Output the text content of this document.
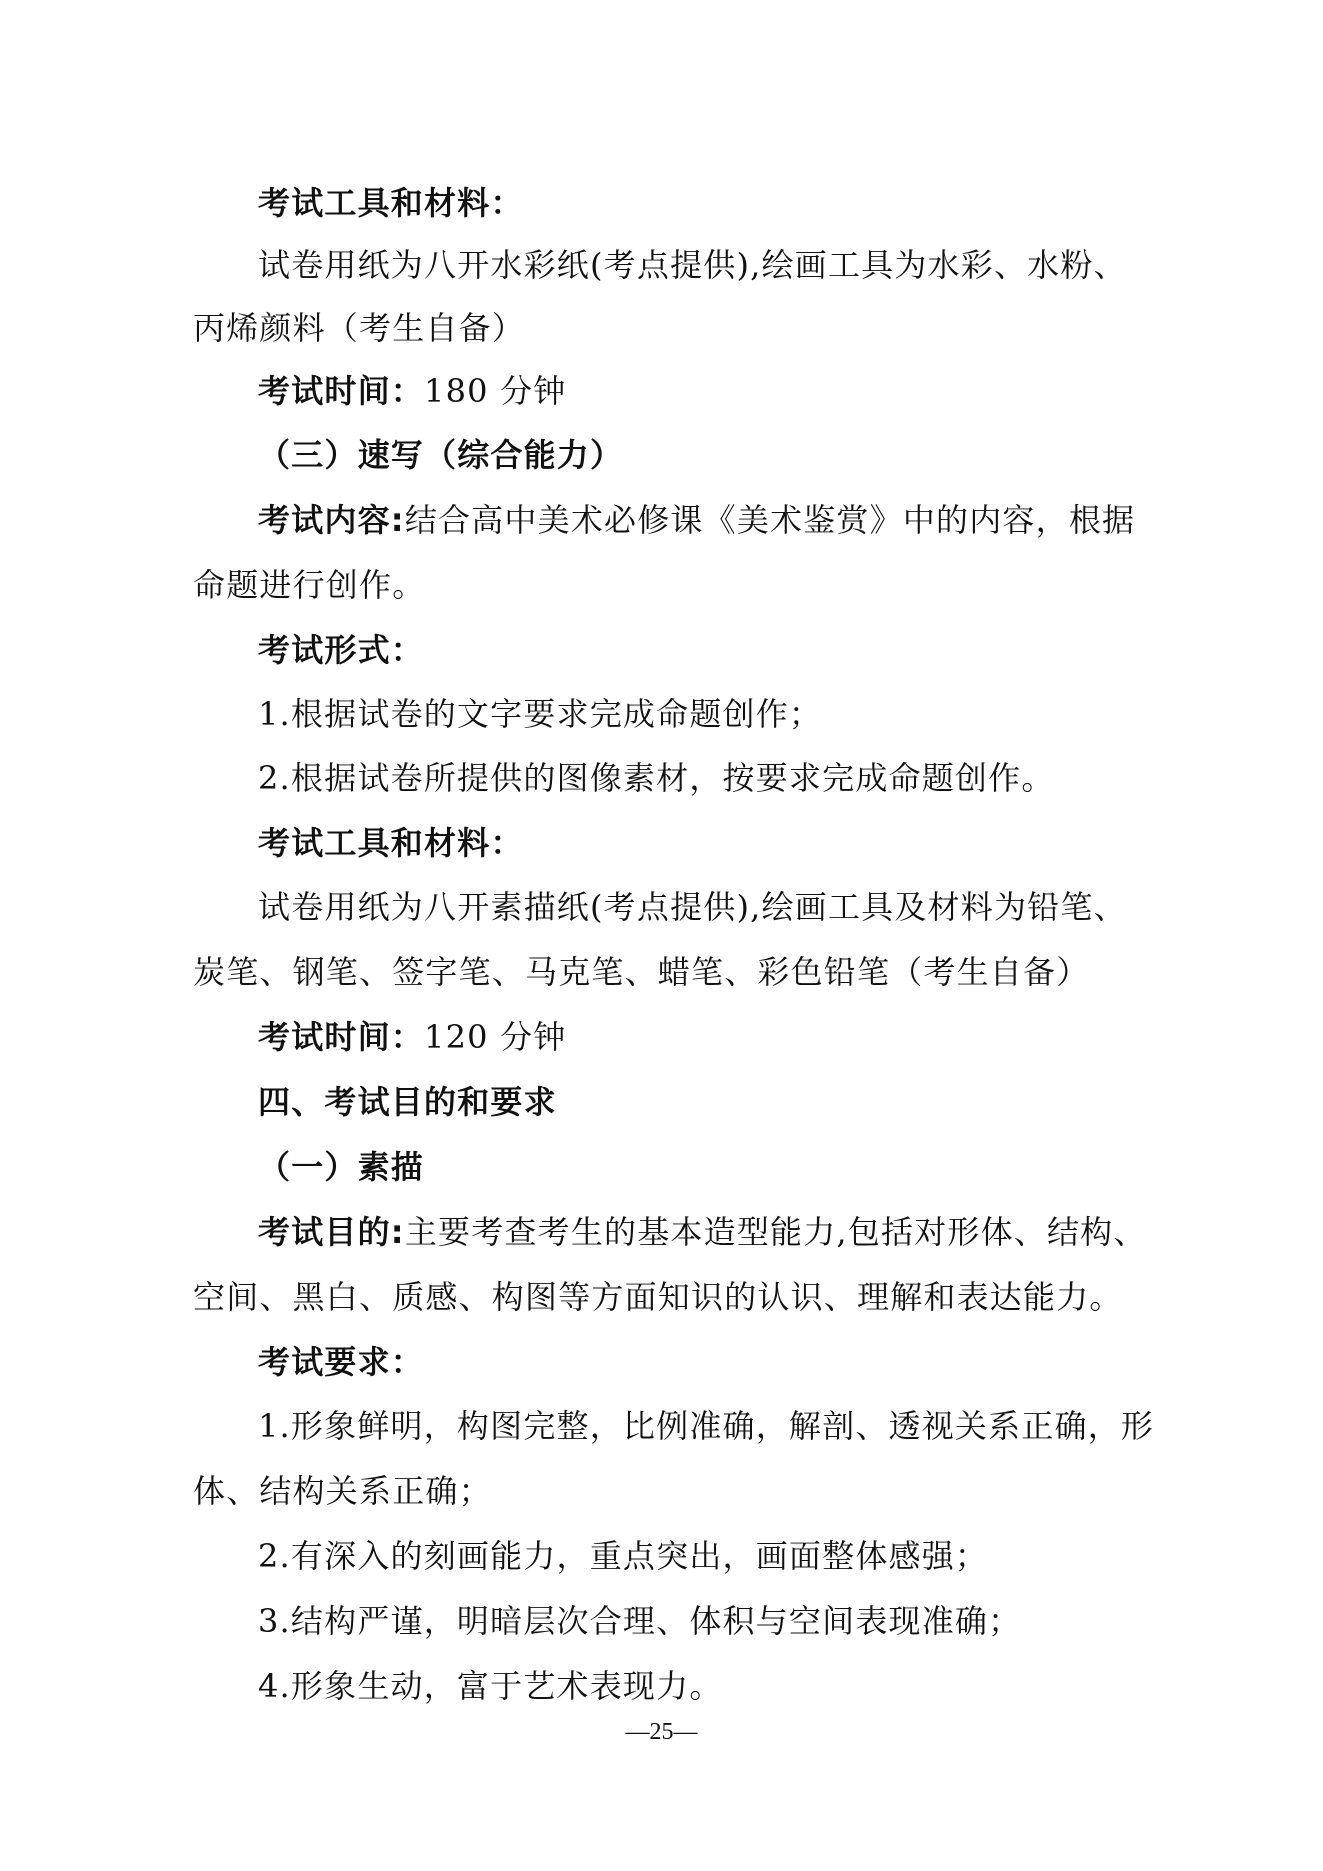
考试工具和材料：
试卷用纸为八开水彩纸(考点提供),绘画工具为水彩、水粉、
丙烯颜料（考生自备）
考试时间：180 分钟
（三）速写（综合能力）
考试内容:结合高中美术必修课《美术鉴赏》中的内容，根据
命题进行创作。
考试形式：
1.根据试卷的文字要求完成命题创作；
2.根据试卷所提供的图像素材，按要求完成命题创作。
考试工具和材料：
试卷用纸为八开素描纸(考点提供),绘画工具及材料为铅笔、
炭笔、钢笔、签字笔、马克笔、蜡笔、彩色铅笔（考生自备）
考试时间：120 分钟
四、考试目的和要求
（一）素描
考试目的:主要考查考生的基本造型能力,包括对形体、结构、
空间、黑白、质感、构图等方面知识的认识、理解和表达能力。
考试要求：
1.形象鲜明，构图完整，比例准确，解剖、透视关系正确，形
体、结构关系正确；
2.有深入的刻画能力，重点突出，画面整体感强；
3.结构严谨，明暗层次合理、体积与空间表现准确；
4.形象生动，富于艺术表现力。
—25—
